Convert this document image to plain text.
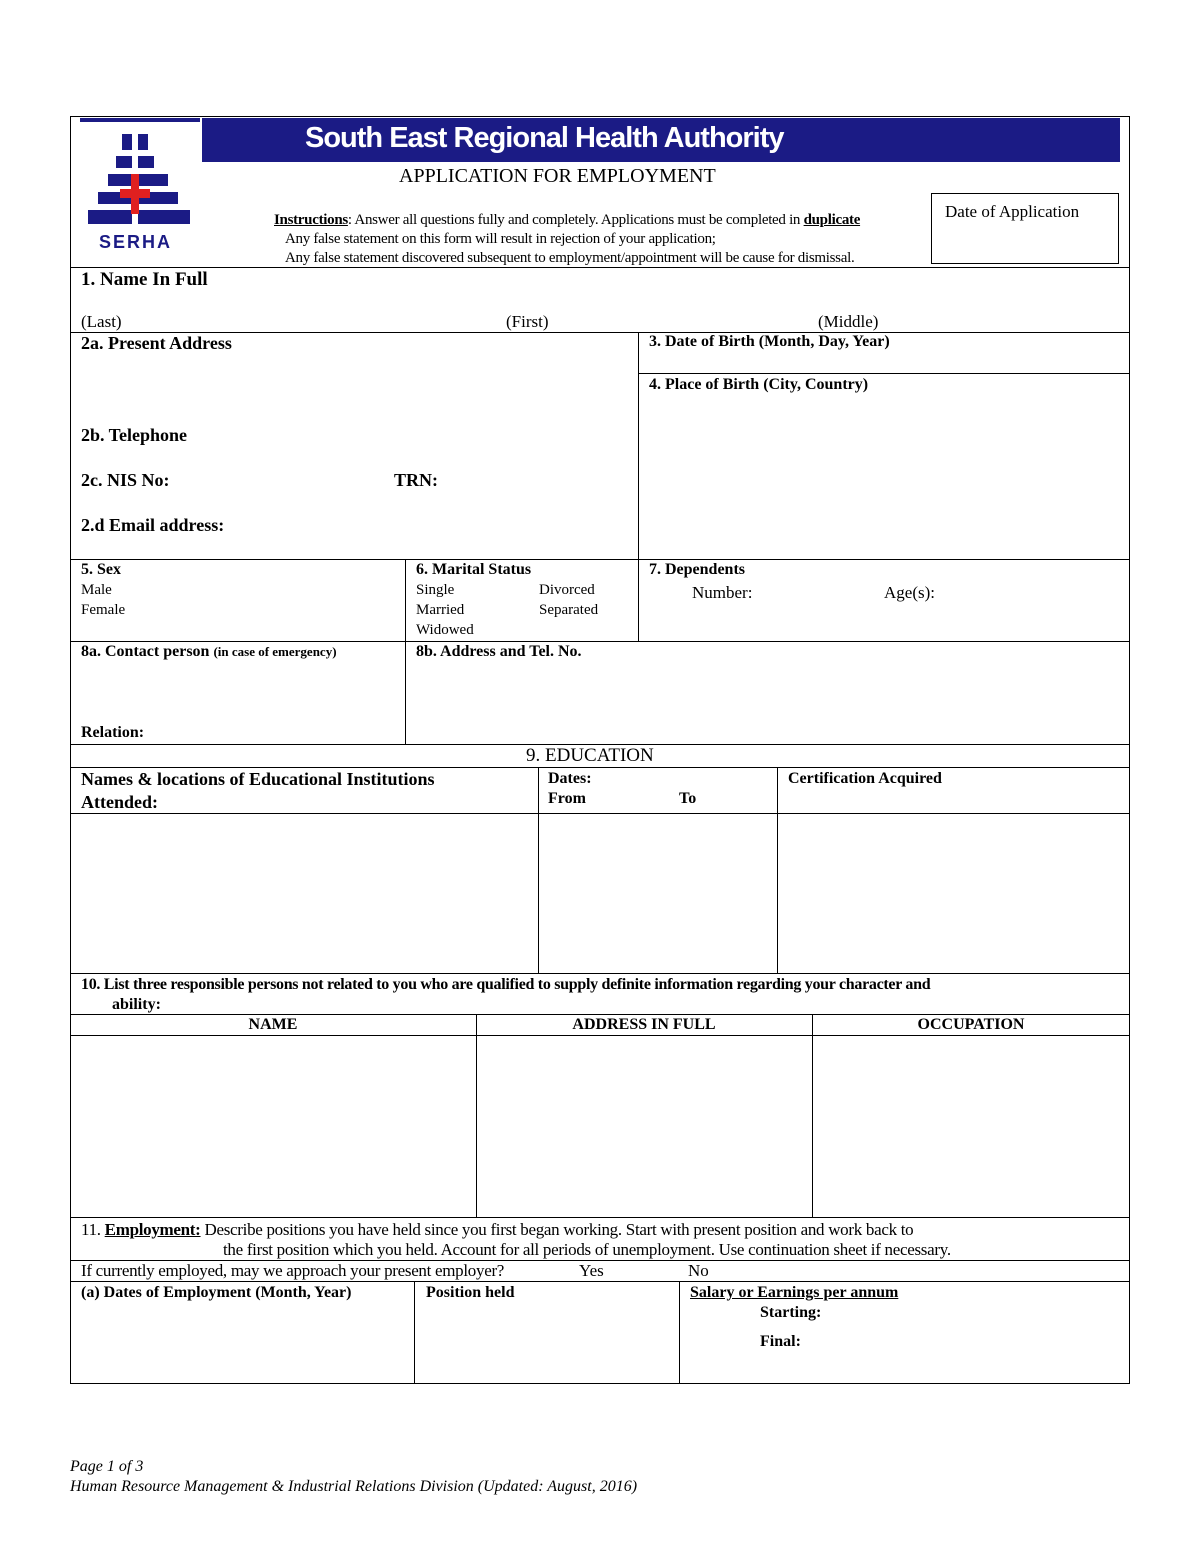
SERHA
South East Regional Health Authority
APPLICATION FOR EMPLOYMENT
Instructions: Answer all questions fully and completely. Applications must be completed in duplicate
Any false statement on this form will result in rejection of your application;
Any false statement discovered subsequent to employment/appointment will be cause for dismissal.
Date of Application
1. Name In Full
(Last)	(First)	(Middle)
2a. Present Address
2b. Telephone
2c. NIS No:	TRN:
2.d Email address:
3. Date of Birth (Month, Day, Year)
4. Place of Birth (City, Country)
5. Sex
Male
Female
6. Marital Status
Single	Divorced
Married	Separated
Widowed
7. Dependents
Number:	Age(s):
8a. Contact person (in case of emergency)
Relation:
8b. Address and Tel. No.
9. EDUCATION
Names & locations of Educational Institutions
Attended:
Dates:
From	To
Certification Acquired
10. List three responsible persons not related to you who are qualified to supply definite information regarding your character and
ability:
NAME	ADDRESS IN FULL	OCCUPATION
11. Employment: Describe positions you have held since you first began working. Start with present position and work back to
the first position which you held. Account for all periods of unemployment. Use continuation sheet if necessary.
If currently employed, may we approach your present employer?	Yes	No
(a) Dates of Employment (Month, Year)	Position held	Salary or Earnings per annum
Starting:
Final:
Page 1 of 3
Human Resource Management & Industrial Relations Division (Updated: August, 2016)
